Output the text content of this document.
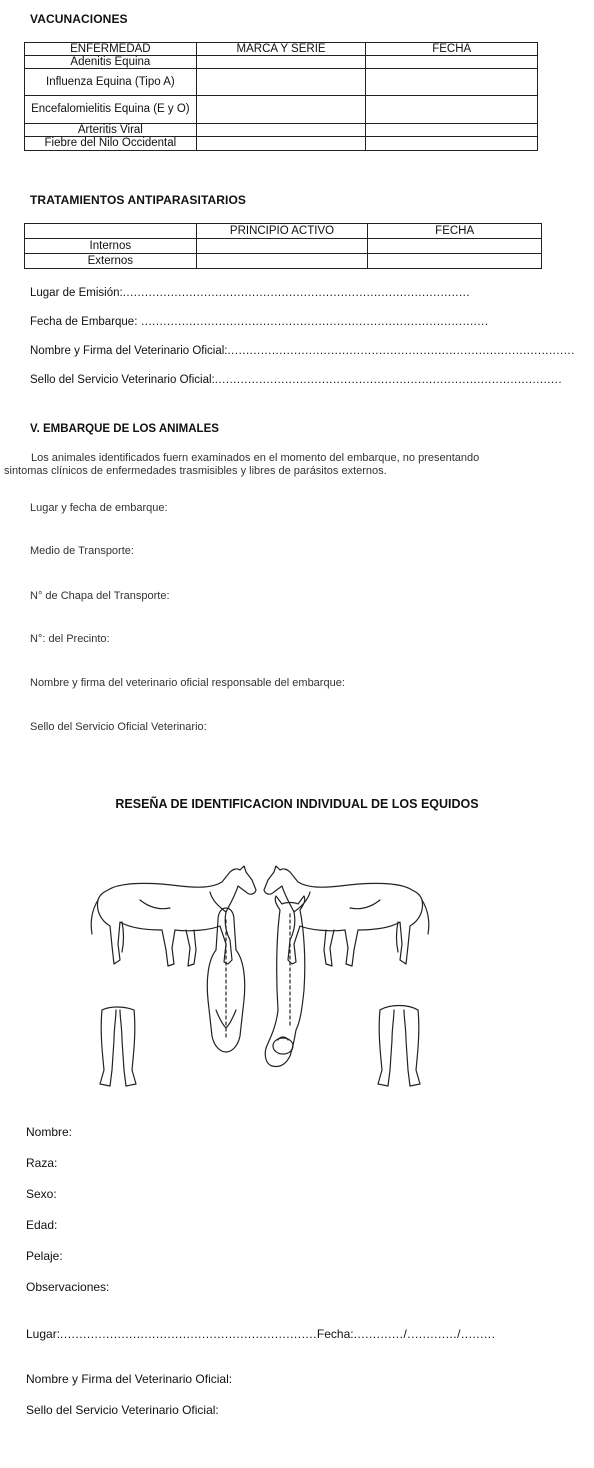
VACUNACIONES
ENFERMEDAD	MARCA Y SERIE	FECHA
Adenitis Equina		
Influenza Equina (Tipo A)		
Encefalomielitis Equina (E y O)		
Arteritis Viral		
Fiebre del Nilo Occidental		
TRATAMIENTOS ANTIPARASITARIOS
	PRINCIPIO ACTIVO	FECHA
Internos		
Externos		
Lugar de Emisión:..............................................................................................
Fecha de Embarque: ..............................................................................................
Nombre y Firma del Veterinario Oficial:..............................................................................................
Sello del Servicio Veterinario Oficial:..............................................................................................
V. EMBARQUE DE LOS ANIMALES
Los animales identificados fuern examinados en el momento del embarque, no presentando
sintomas clínicos de enfermedades trasmisibles y libres de parásitos externos.
Lugar y fecha de embarque:
Medio de Transporte:
N° de Chapa del Transporte:
N°: del Precinto:
Nombre y firma del veterinario oficial responsable del embarque:
Sello del Servicio Oficial Veterinario:
RESEÑA DE IDENTIFICACION INDIVIDUAL DE LOS EQUIDOS
Nombre:
Raza:
Sexo:
Edad:
Pelaje:
Observaciones:
Lugar:...................................................................Fecha:............./............./.........
Nombre y Firma del Veterinario Oficial:
Sello del Servicio Veterinario Oficial:
